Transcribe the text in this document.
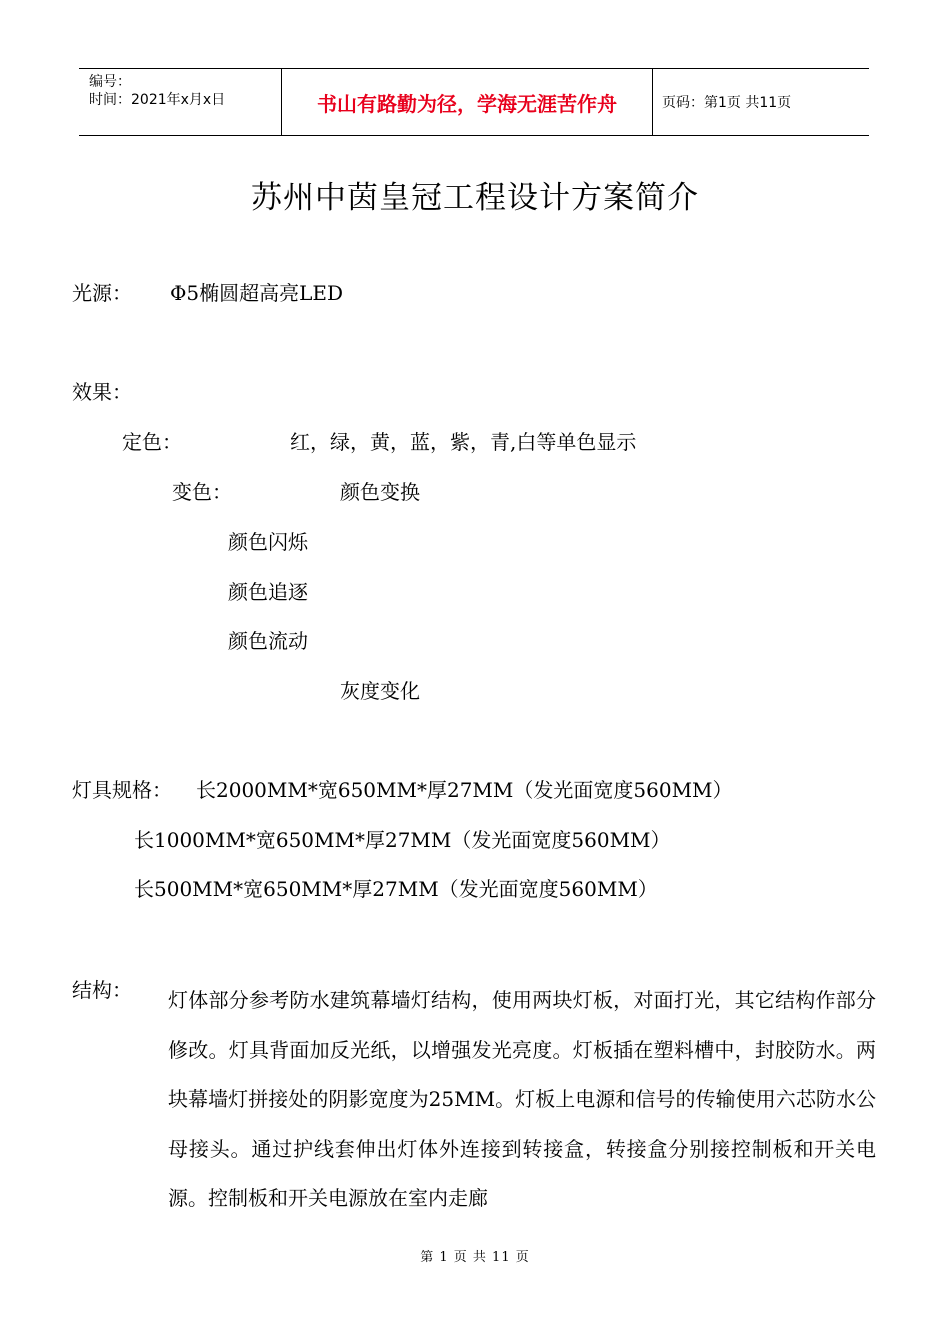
编号：
时间：2021年x月x日	书山有路勤为径，学海无涯苦作舟	页码：第1页 共11页
苏州中茵皇冠工程设计方案简介
光源： Φ5椭圆超高亮LED
效果：
定色：	红，绿，黄，蓝，紫，青,白等单色显示
变色：	颜色变换
颜色闪烁
颜色追逐
颜色流动
灰度变化
灯具规格： 长2000MM*宽650MM*厚27MM（发光面宽度560MM）
长1000MM*宽650MM*厚27MM（发光面宽度560MM）
长500MM*宽650MM*厚27MM（发光面宽度560MM）
结构： 灯体部分参考防水建筑幕墙灯结构，使用两块灯板，对面打光，其它结构作部分修改。灯具背面加反光纸，以增强发光亮度。灯板插在塑料槽中，封胶防水。两块幕墙灯拼接处的阴影宽度为25MM。灯板上电源和信号的传输使用六芯防水公母接头。通过护线套伸出灯体外连接到转接盒，转接盒分别接控制板和开关电源。控制板和开关电源放在室内走廊

第 1 页 共 11 页
